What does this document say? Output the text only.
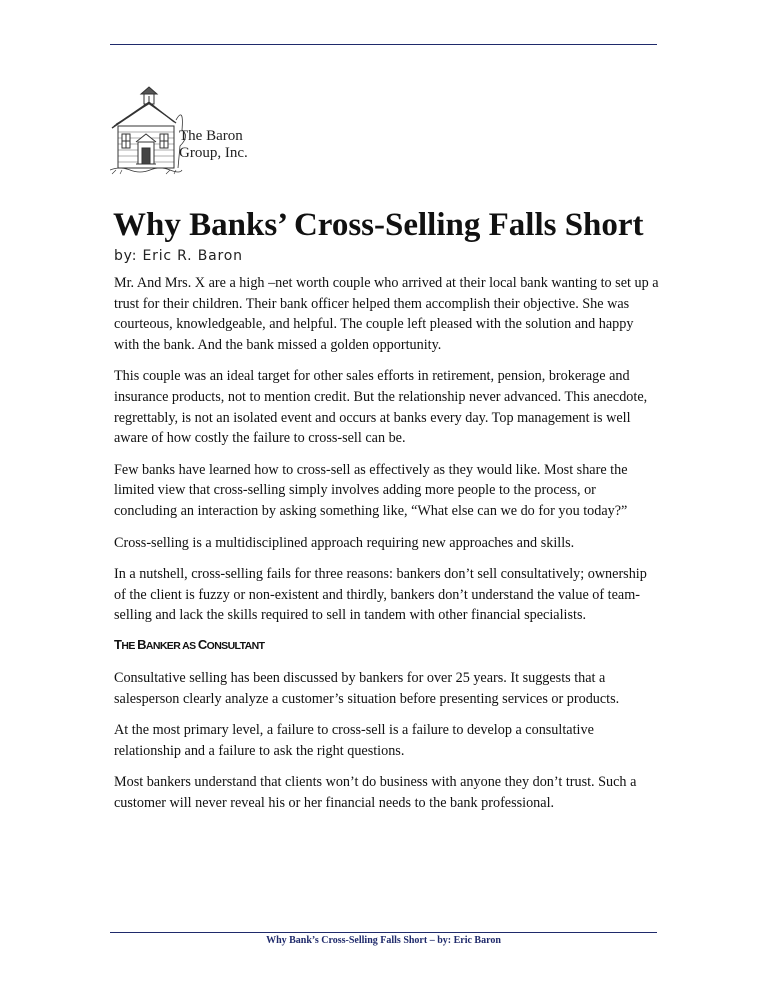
The Baron
Group, Inc.
Why Banks’ Cross-Selling Falls Short
by: Eric R. Baron

Mr. And Mrs. X are a high –net worth couple who arrived at their local bank wanting to set up a trust for their children. Their bank officer helped them accomplish their objective. She was courteous, knowledgeable, and helpful. The couple left pleased with the solution and happy with the bank. And the bank missed a golden opportunity.

This couple was an ideal target for other sales efforts in retirement, pension, brokerage and insurance products, not to mention credit. But the relationship never advanced. This anecdote, regrettably, is not an isolated event and occurs at banks every day. Top management is well aware of how costly the failure to cross-sell can be.

Few banks have learned how to cross-sell as effectively as they would like. Most share the limited view that cross-selling simply involves adding more people to the process, or concluding an interaction by asking something like, “What else can we do for you today?”

Cross-selling is a multidisciplined approach requiring new approaches and skills.

In a nutshell, cross-selling fails for three reasons: bankers don’t sell consultatively; ownership of the client is fuzzy or non-existent and thirdly, bankers don’t understand the value of team-selling and lack the skills required to sell in tandem with other financial specialists.

THE BANKER AS CONSULTANT

Consultative selling has been discussed by bankers for over 25 years. It suggests that a salesperson clearly analyze a customer’s situation before presenting services or products.

At the most primary level, a failure to cross-sell is a failure to develop a consultative relationship and a failure to ask the right questions.

Most bankers understand that clients won’t do business with anyone they don’t trust. Such a customer will never reveal his or her financial needs to the bank professional.

Why Bank’s Cross-Selling Falls Short – by: Eric Baron
